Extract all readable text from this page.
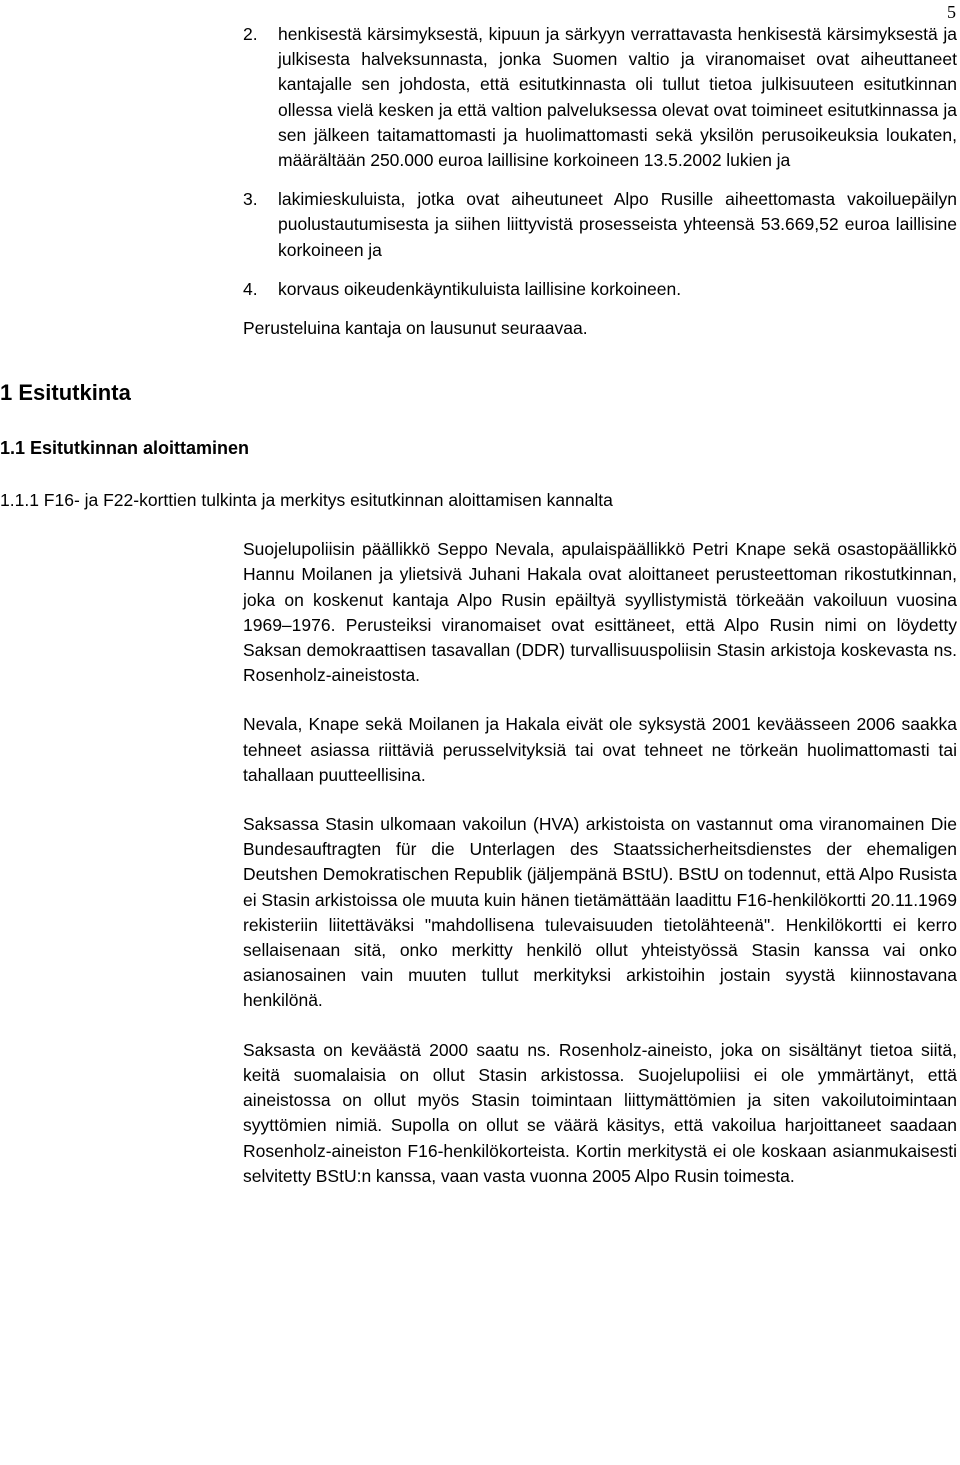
5
2. henkisestä kärsimyksestä, kipuun ja särkyyn verrattavasta henkisestä kärsimyksestä ja julkisesta halveksunnasta, jonka Suomen valtio ja viranomaiset ovat aiheuttaneet kantajalle sen johdosta, että esitutkinnasta oli tullut tietoa julkisuuteen esitutkinnan ollessa vielä kesken ja että valtion palveluksessa olevat ovat toimineet esitutkinnassa ja sen jälkeen taitamattomasti ja huolimattomasti sekä yksilön perusoikeuksia loukaten, määrältään 250.000 euroa laillisine korkoineen 13.5.2002 lukien ja
3. lakimieskuluista, jotka ovat aiheutuneet Alpo Rusille aiheettomasta vakoiluepäilyn puolustautumisesta ja siihen liittyvistä prosesseista yhteensä 53.669,52 euroa laillisine korkoineen ja
4. korvaus oikeudenkäyntikuluista laillisine korkoineen.

Perusteluina kantaja on lausunut seuraavaa.

1 Esitutkinta
1.1 Esitutkinnan aloittaminen
1.1.1 F16- ja F22-korttien tulkinta ja merkitys esitutkinnan aloittamisen kannalta

Suojelupoliisin päällikkö Seppo Nevala, apulaispäällikkö Petri Knape sekä osastopäällikkö Hannu Moilanen ja ylietsivä Juhani Hakala ovat aloittaneet perusteettoman rikostutkinnan, joka on koskenut kantaja Alpo Rusin epäiltyä syyllistymistä törkeään vakoiluun vuosina 1969–1976. Perusteiksi viranomaiset ovat esittäneet, että Alpo Rusin nimi on löydetty Saksan demokraattisen tasavallan (DDR) turvallisuuspoliisin Stasin arkistoja koskevasta ns. Rosenholz-aineistosta.

Nevala, Knape sekä Moilanen ja Hakala eivät ole syksystä 2001 keväässeen 2006 saakka tehneet asiassa riittäviä perusselvityksiä tai ovat tehneet ne törkeän huolimattomasti tai tahallaan puutteellisina.

Saksassa Stasin ulkomaan vakoilun (HVA) arkistoista on vastannut oma viranomainen Die Bundesauftragten für die Unterlagen des Staatssicherheitsdienstes der ehemaligen Deutshen Demokratischen Republik (jäljempänä BStU). BStU on todennut, että Alpo Rusista ei Stasin arkistoissa ole muuta kuin hänen tietämättään laadittu F16-henkilökortti 20.11.1969 rekisteriin liitettäväksi "mahdollisena tulevaisuuden tietolähteenä". Henkilökortti ei kerro sellaisenaan sitä, onko merkitty henkilö ollut yhteistyössä Stasin kanssa vai onko asianosainen vain muuten tullut merkityksi arkistoihin jostain syystä kiinnostavana henkilönä.

Saksasta on keväästä 2000 saatu ns. Rosenholz-aineisto, joka on sisältänyt tietoa siitä, keitä suomalaisia on ollut Stasin arkistossa. Suojelupoliisi ei ole ymmärtänyt, että aineistossa on ollut myös Stasin toimintaan liittymättömien ja siten vakoilutoimintaan syyttömien nimiä. Supolla on ollut se väärä käsitys, että vakoilua harjoittaneet saadaan Rosenholz-aineiston F16-henkilökorteista. Kortin merkitystä ei ole koskaan asianmukaisesti selvitetty BStU:n kanssa, vaan vasta vuonna 2005 Alpo Rusin toimesta.
